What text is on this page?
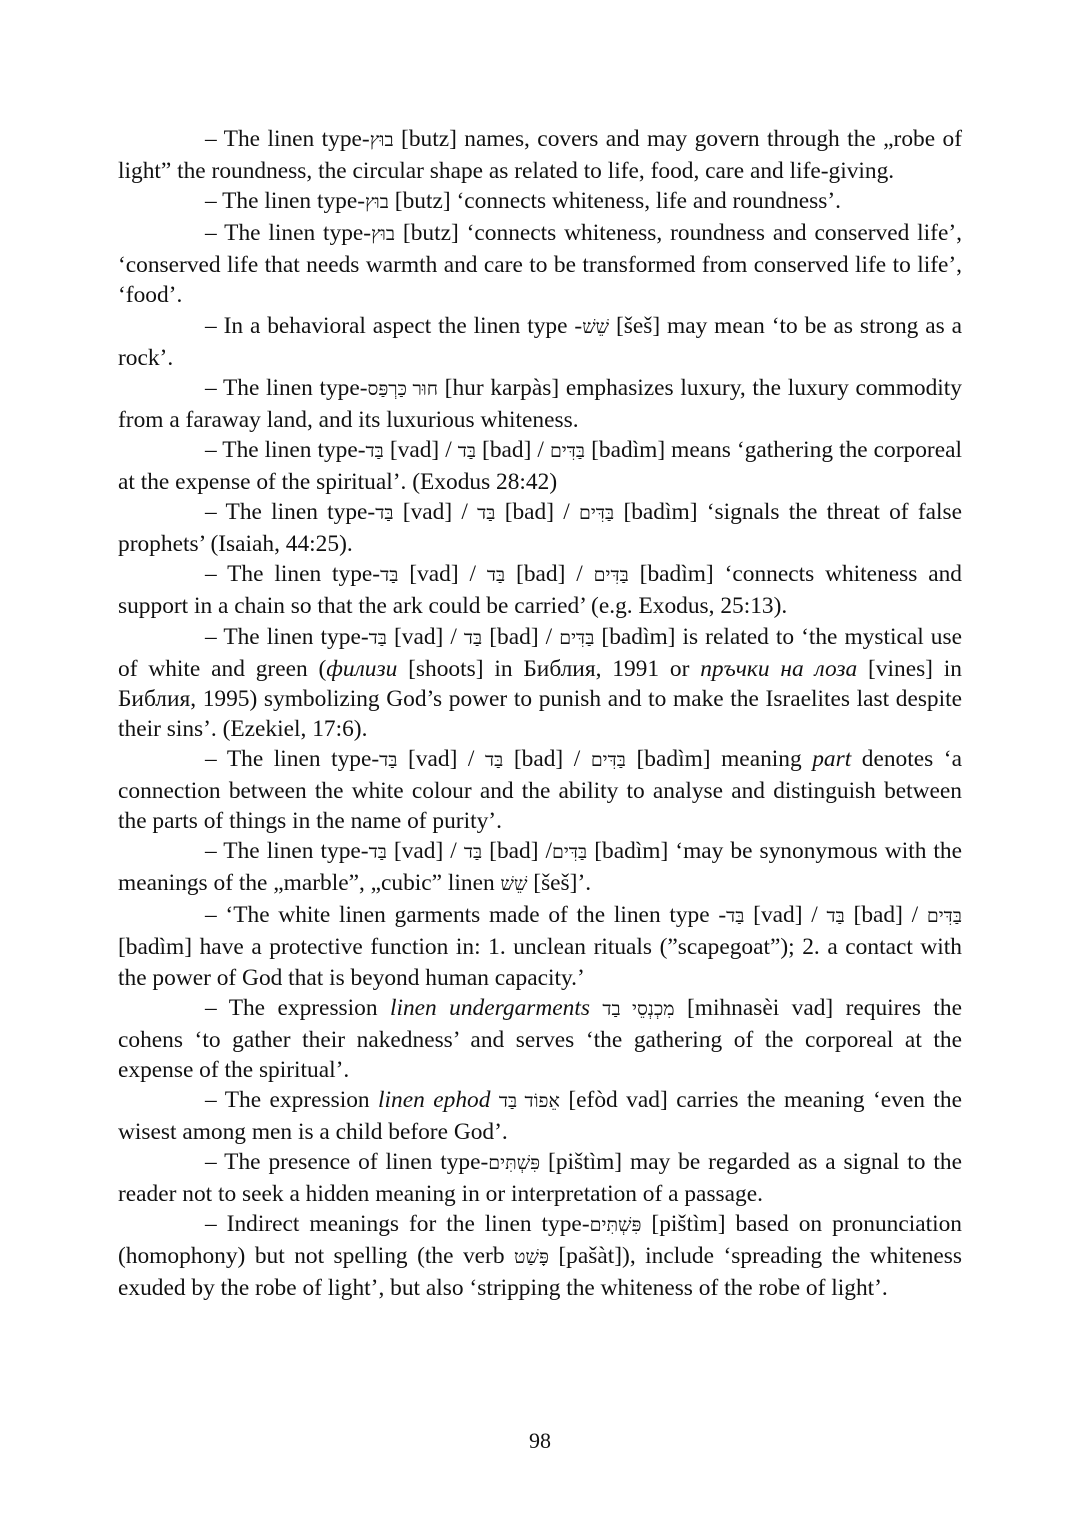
– The linen type-בוּץ [butz] names, covers and may govern through the „robe of light” the roundness, the circular shape as related to life, food, care and life-giving.

– The linen type-בוּץ [butz] ‘connects whiteness, life and roundness’.

– The linen type-בוּץ [butz] ‘connects whiteness, roundness and conserved life’, ‘conserved life that needs warmth and care to be transformed from conserved life to life’, ‘food’.

– In a behavioral aspect the linen type -שֵׁשׁ [šeš] may mean ‘to be as strong as a rock’.

– The linen type-חוּר כַּרְפַּס [hur karpàs] emphasizes luxury, the luxury commodity from a faraway land, and its luxurious whiteness.

– The linen type-בַּד [vad] / בַּד [bad] / בַּדִּים [badìm] means ‘gathering the corporeal at the expense of the spiritual’. (Exodus 28:42)

– The linen type-בַּד [vad] / בַּד [bad] / בַּדִּים [badìm] ‘signals the threat of false prophets’ (Isaiah, 44:25).

– The linen type-בַּד [vad] / בַּד [bad] / בַּדִּים [badìm] ‘connects whiteness and support in a chain so that the ark could be carried’ (e.g. Exodus, 25:13).

– The linen type-בַּד [vad] / בַּד [bad] / בַּדִּים [badìm] is related to ‘the mystical use of white and green (филизи [shoots] in Библия, 1991 or пръчки на лоза [vines] in Библия, 1995) symbolizing God’s power to punish and to make the Israelites last despite their sins’. (Ezekiel, 17:6).

– The linen type-בַּד [vad] / בַּד [bad] / בַּדִּים [badìm] meaning part denotes ‘a connection between the white colour and the ability to analyse and distinguish between the parts of things in the name of purity’.

– The linen type-בַּד [vad] / בַּד [bad] /בַּדִּים [badìm] ‘may be synonymous with the meanings of the „marble”, „cubic” linen שֵׁשׁ [šeš]’.

– ‘The white linen garments made of the linen type -בַּד [vad] / בַּד [bad] / בַּדִּים [badìm] have a protective function in: 1. unclean rituals (”scapegoat”); 2. a contact with the power of God that is beyond human capacity.’

– The expression linen undergarments מִכְנְסֵי בַד [mihnasèi vad] requires the cohens ‘to gather their nakedness’ and serves ‘the gathering of the corporeal at the expense of the spiritual’.

– The expression linen ephod אֵפוֹד בַּד [efòd vad] carries the meaning ‘even the wisest among men is a child before God’.

– The presence of linen type-פִּשְׁתִּים [pištìm] may be regarded as a signal to the reader not to seek a hidden meaning in or interpretation of a passage.

– Indirect meanings for the linen type-פִּשְׁתִּים [pištìm] based on pronunciation (homophony) but not spelling (the verb פָּשַׁט [pašàt]), include ‘spreading the whiteness exuded by the robe of light’, but also ‘stripping the whiteness of the robe of light’.

98
